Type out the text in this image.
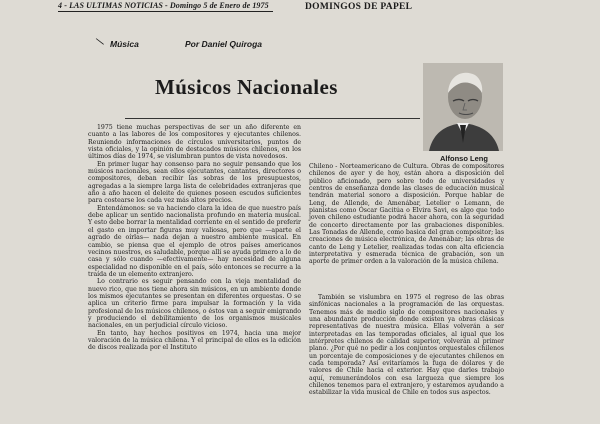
4 - LAS ULTIMAS NOTICIAS - Domingo 5 de Enero de 1975	DOMINGOS DE PAPEL
\ Música	Por Daniel Quiroga
Músicos Nacionales
Alfonso Leng

1975 tiene muchas perspectivas de ser un año diferente en cuanto a las labores de los compositores y ejecutantes chilenos. Reuniendo informaciones de círculos universitarios, puntos de vista oficiales, y la opinión de destacados músicos chilenos, en los últimos días de 1974, se vislumbran puntos de vista novedosos.

En primer lugar hay consenso para no seguir pensando que los músicos nacionales, sean ellos ejecutantes, cantantes, directores o compositores, deban recibir las sobras de los presupuestos, agregadas a la siempre larga lista de celebridades extranjeras que año a año hacen el deleite de quienes poseen escudos suficientes para costearse los cada vez más altos precios.

Entendámonos: se va haciendo clara la idea de que nuestro país debe aplicar un sentido nacionalista profundo en materia musical. Y esto debe borrar la mentalidad corriente en el sentido de preferir el gasto en importar figuras muy valiosas, pero que —aparte el agrado de oírlas— nada dejan a nuestro ambiente musical. En cambio, se piensa que el ejemplo de otros países americanos vecinos nuestros, es saludable, porque allí se ayuda primero a lo de casa y sólo cuando —efectivamente— hay necesidad de alguna especialidad no disponible en el país, sólo entonces se recurre a la traída de un elemento extranjero.

Lo contrario es seguir pensando con la vieja mentalidad de nuevo rico, que nos tiene ahora sin músicos, en un ambiente donde los mismos ejecutantes se presentan en diferentes orquestas. O se aplica un criterio firme para impulsar la formación y la vida profesional de los músicos chilenos, o éstos van a seguir emigrando y produciendo el debilitamiento de los organismos musicales nacionales, en un perjudicial círculo vicioso.

En tanto, hay hechos positivos en 1974, hacia una mejor valoración de la música chilena. Y el principal de ellos es la edición de discos realizada por el Instituto

Chileno - Norteamericano de Cultura. Obras de compositores chilenos de ayer y de hoy, están ahora a disposición del público aficionado, pero sobre todo de universidades y centros de enseñanza donde las clases de educación musical tendrán material sonoro a disposición. Porque hablar de Leng, de Allende, de Amenábar, Letelier o Lemann, de pianistas como Óscar Gacitúa o Elvira Savi, es algo que todo joven chileno estudiante podrá hacer ahora, con la seguridad de concerto directamente por las grabaciones disponibles. Las Tonadas de Allende, como basica del gran compositor; las creaciones de música electrónica, de Amenábar; las obras de canto de Leng y Letelier, realizadas todas con alta eficiencia interpretativa y esmerada técnica de grabación, son un aporte de primer orden a la valoración de la música chilena.

También se vislumbra en 1975 el regreso de las obras sinfónicas nacionales a la programación de las orquestas. Tenemos más de medio siglo de compositores nacionales y una abundante producción donde existen ya obras clásicas representativas de nuestra música. Ellas volverán a ser interpretadas en las temporadas oficiales, al igual que los intérpretes chilenos de calidad superior, volverán al primer plano. ¿Por qué no pedir a los conjuntos orquestales chilenos un porcentaje de composiciones y de ejecutantes chilenos en cada temporada? Así evitaríamos la fuga de dólares y de valores de Chile hacia el exterior. Hay que darles trabajo aquí, remunerándolos con esa largueza que siempre los chilenos tenemos para el extranjero, y estaremos ayudando a estabilizar la vida musical de Chile en todos sus aspectos.
